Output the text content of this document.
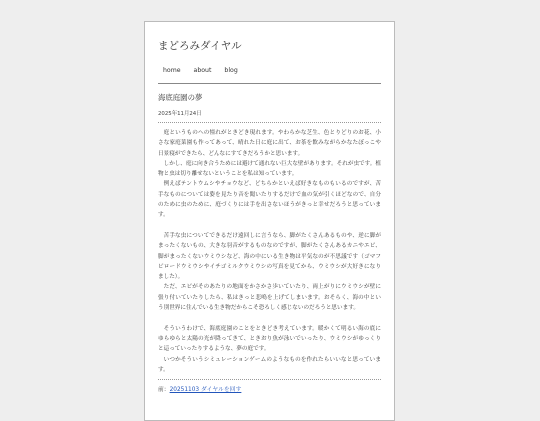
まどろみダイヤル
home about blog
海底庭園の夢
2025年11月24日

庭というものへの憧れがときどき現れます。やわらかな芝生、色とりどりのお花、小さな家庭菜園も作ってあって、晴れた日に庭に出て、お茶を飲みながらかなたぼっこや日景寝ができたら、どんなにすてきだろうかと思います。

しかし、庭に向き合うためには避けて通れない巨大な壁があります。それが虫です。植物と虫は切り離せないということを私は知っています。

例えばテントウムシやチョウなど、どちらかといえば好きなものもいるのですが、苦手なものについては姿を見たり音を聞いたりするだけで血の気が引くほどなので、自分のために虫のために、庭づくりには手を出さないほうがきっと幸せだろうと思っています。

苦手な虫についてできるだけ遠回しに言うなら、脚がたくさんあるものや、逆に脚がまったくないもの、大きな羽音がするものなのですが、脚がたくさんあるカニやエビ、脚がまったくないウミウシなど、海の中にいる生き物は平気なのが不思議です（ゴマフビロードウミウシやイチゴミルクウミウシの写真を見てから、ウミウシが大好きになりました）。

ただ、エビがそのあたりの地面をかさかさ歩いていたり、両上がりにウミウシが壁に張り付いていたりしたら、私はきっと悲鳴を上げてしまいます。おそらく、海の中という別世界に住んでいる生き物だからこそ恐ろしく感じないのだろうと思います。

そういうわけで、海底庭園のことをときどき考えています。暖かくて明るい海の底にゆらゆらと太陽の光が降ってきて、ときおり魚が泳いでいったり、ウミウシがゆっくりと這っていったりするような、夢の庭です。

いつかそういうシミュレーションゲームのようなものを作れたらいいなと思っています。

前：20251103 ダイヤルを回す
